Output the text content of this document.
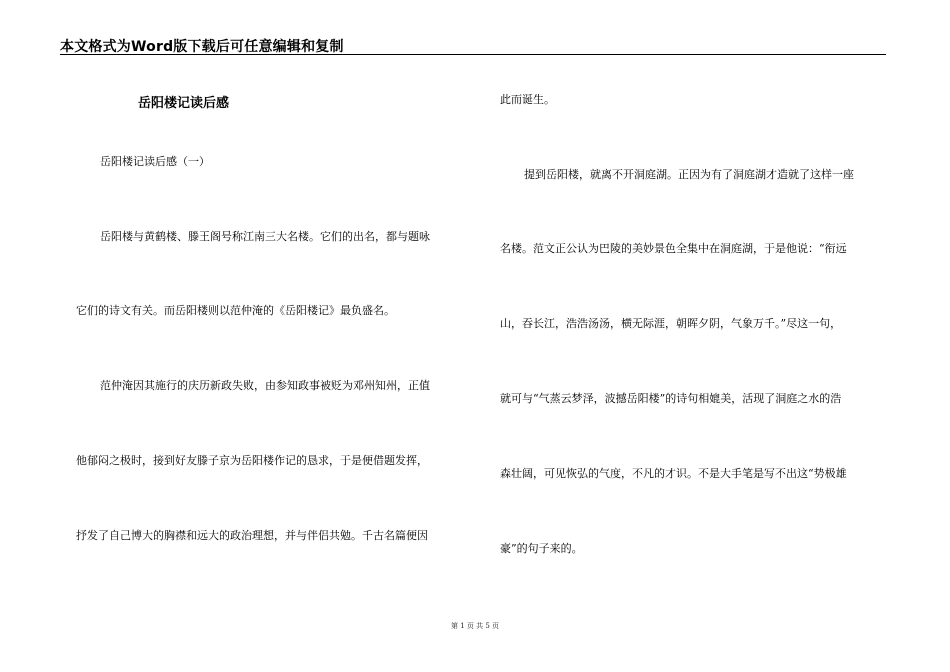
本文格式为Word版下载后可任意编辑和复制
岳阳楼记读后感
岳阳楼记读后感（一）
岳阳楼与黄鹤楼、滕王阁号称江南三大名楼。它们的出名，都与题咏
它们的诗文有关。而岳阳楼则以范仲淹的《岳阳楼记》最负盛名。
范仲淹因其施行的庆历新政失败，由参知政事被贬为邓州知州，正值
他郁闷之极时，接到好友滕子京为岳阳楼作记的恳求，于是便借题发挥，
抒发了自己博大的胸襟和远大的政治理想，并与伴侣共勉。千古名篇便因
此而诞生。
提到岳阳楼，就离不开洞庭湖。正因为有了洞庭湖才造就了这样一座
名楼。范文正公认为巴陵的美妙景色全集中在洞庭湖，于是他说：“衔远
山，吞长江，浩浩汤汤，横无际涯，朝晖夕阴，气象万千。”尽这一句，
就可与“气蒸云梦泽，波撼岳阳楼”的诗句相媲美，活现了洞庭之水的浩
森壮阔，可见恢弘的气度，不凡的才识。不是大手笔是写不出这“势极雄
豪”的句子来的。
第 1 页 共 5 页
